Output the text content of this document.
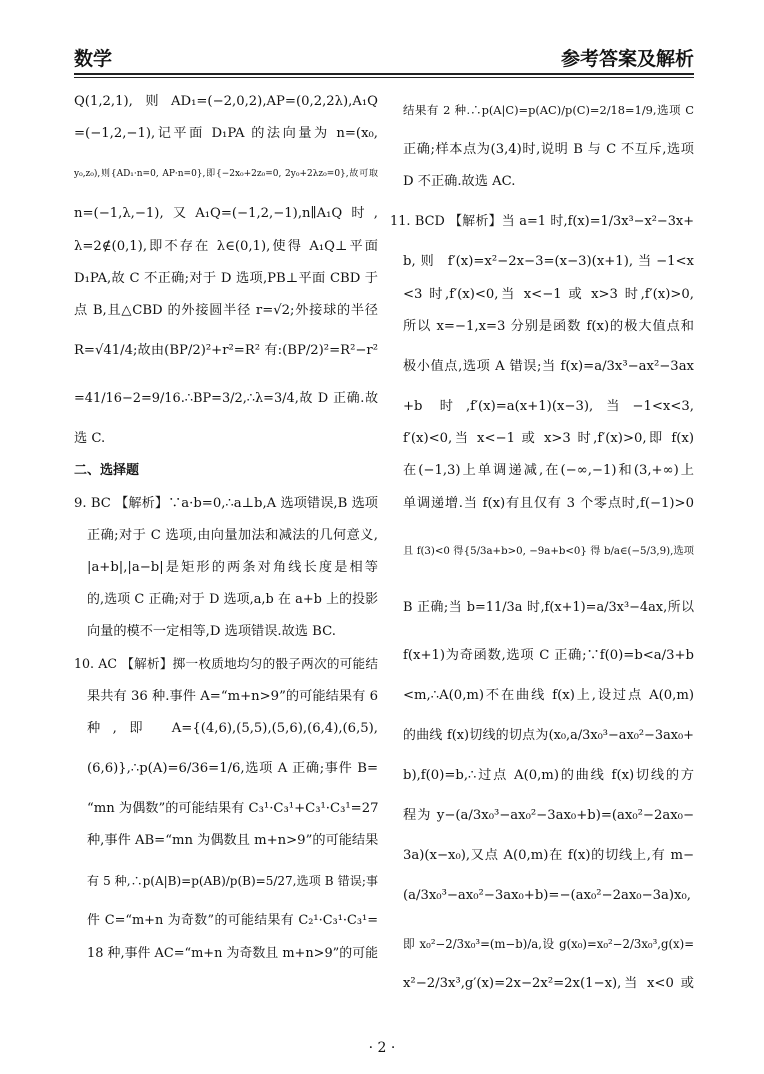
数学	参考答案及解析
Q(1,2,1),则AD₁=(−2,0,2),AP=(0,2,2λ),A₁Q
=(−1,2,−1),记平面 D₁PA 的法向量为 n=(x₀,
y₀,z₀),则{AD₁·n=0, AP·n=0},即{−2x₀+2z₀=0, 2y₀+2λz₀=0},故可取
n=(−1,λ,−1),又A₁Q=(−1,2,−1),n∥A₁Q时,
λ=2∉(0,1),即不存在 λ∈(0,1),使得 A₁Q⊥平面
D₁PA,故 C 不正确;对于 D 选项,PB⊥平面 CBD 于
点 B,且△CBD 的外接圆半径 r=√2;外接球的半径
R=√41/4;故由(BP/2)²+r²=R² 有:(BP/2)²=R²−r²
=41/16−2=9/16.∴BP=3/2,∴λ=3/4,故 D 正确.故
选 C.
二、选择题
9. BC 【解析】∵a·b=0,∴a⊥b,A 选项错误,B 选项
正确;对于 C 选项,由向量加法和减法的几何意义,
|a+b|,|a−b|是矩形的两条对角线长度是相等
的,选项 C 正确;对于 D 选项,a,b 在 a+b 上的投影
向量的模不一定相等,D 选项错误.故选 BC.
10. AC 【解析】掷一枚质地均匀的骰子两次的可能结
果共有 36 种.事件 A=“m+n>9”的可能结果有 6
种,即 A={(4,6),(5,5),(5,6),(6,4),(6,5),
(6,6)},∴p(A)=6/36=1/6,选项 A 正确;事件 B=
“mn 为偶数”的可能结果有 C₃¹·C₃¹+C₃¹·C₃¹=27
种,事件 AB=“mn 为偶数且 m+n>9”的可能结果
有 5 种,∴p(A|B)=p(AB)/p(B)=5/27,选项 B 错误;事
件 C=“m+n 为奇数”的可能结果有 C₂¹·C₃¹·C₃¹=
18 种,事件 AC=“m+n 为奇数且 m+n>9”的可能
结果有 2 种.∴p(A|C)=p(AC)/p(C)=2/18=1/9,选项 C
正确;样本点为(3,4)时,说明 B 与 C 不互斥,选项
D 不正确.故选 AC.
11. BCD 【解析】当 a=1 时,f(x)=1/3x³−x²−3x+
b,则 f′(x)=x²−2x−3=(x−3)(x+1),当−1<x
<3 时,f′(x)<0,当 x<−1 或 x>3 时,f′(x)>0,
所以 x=−1,x=3 分别是函数 f(x)的极大值点和
极小值点,选项 A 错误;当 f(x)=a/3x³−ax²−3ax
+b 时,f′(x)=a(x+1)(x−3),当−1<x<3,
f′(x)<0,当 x<−1 或 x>3 时,f′(x)>0,即 f(x)
在(−1,3)上单调递减,在(−∞,−1)和(3,+∞)上
单调递增.当 f(x)有且仅有 3 个零点时,f(−1)>0
且 f(3)<0 得{5/3a+b>0, −9a+b<0} 得 b/a∈(−5/3,9),选项
B 正确;当 b=11/3a 时,f(x+1)=a/3x³−4ax,所以
f(x+1)为奇函数,选项 C 正确;∵f(0)=b<a/3+b
<m,∴A(0,m)不在曲线 f(x)上,设过点 A(0,m)
的曲线 f(x)切线的切点为(x₀,a/3x₀³−ax₀²−3ax₀+
b),f(0)=b,∴过点 A(0,m)的曲线 f(x)切线的方
程为 y−(a/3x₀³−ax₀²−3ax₀+b)=(ax₀²−2ax₀−
3a)(x−x₀),又点 A(0,m)在 f(x)的切线上,有 m−
(a/3x₀³−ax₀²−3ax₀+b)=−(ax₀²−2ax₀−3a)x₀,
即 x₀²−2/3x₀³=(m−b)/a,设 g(x₀)=x₀²−2/3x₀³,g(x)=
x²−2/3x³,g′(x)=2x−2x²=2x(1−x),当 x<0 或
· 2 ·
